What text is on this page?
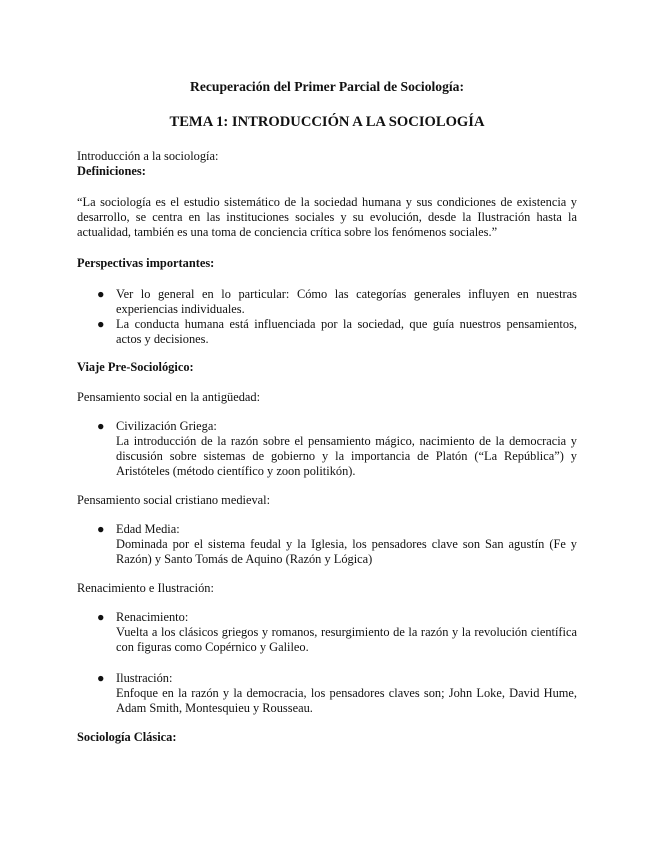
Recuperación del Primer Parcial de Sociología:

TEMA 1: INTRODUCCIÓN A LA SOCIOLOGÍA

Introducción a la sociología:

Definiciones:

“La sociología es el estudio sistemático de la sociedad humana y sus condiciones de existencia y desarrollo, se centra en las instituciones sociales y su evolución, desde la Ilustración hasta la actualidad, también es una toma de conciencia crítica sobre los fenómenos sociales.”

Perspectivas importantes:

● Ver lo general en lo particular: Cómo las categorías generales influyen en nuestras experiencias individuales.
● La conducta humana está influenciada por la sociedad, que guía nuestros pensamientos, actos y decisiones.

Viaje Pre-Sociológico:

Pensamiento social en la antigüedad:

● Civilización Griega:
La introducción de la razón sobre el pensamiento mágico, nacimiento de la democracia y discusión sobre sistemas de gobierno y la importancia de Platón (“La República”) y Aristóteles (método científico y zoon politikón).

Pensamiento social cristiano medieval:

● Edad Media:
Dominada por el sistema feudal y la Iglesia, los pensadores clave son San agustín (Fe y Razón) y Santo Tomás de Aquino (Razón y Lógica)

Renacimiento e Ilustración:

● Renacimiento:
Vuelta a los clásicos griegos y romanos, resurgimiento de la razón y la revolución científica con figuras como Copérnico y Galileo.
● Ilustración:
Enfoque en la razón y la democracia, los pensadores claves son; John Loke, David Hume, Adam Smith, Montesquieu y Rousseau.

Sociología Clásica:
